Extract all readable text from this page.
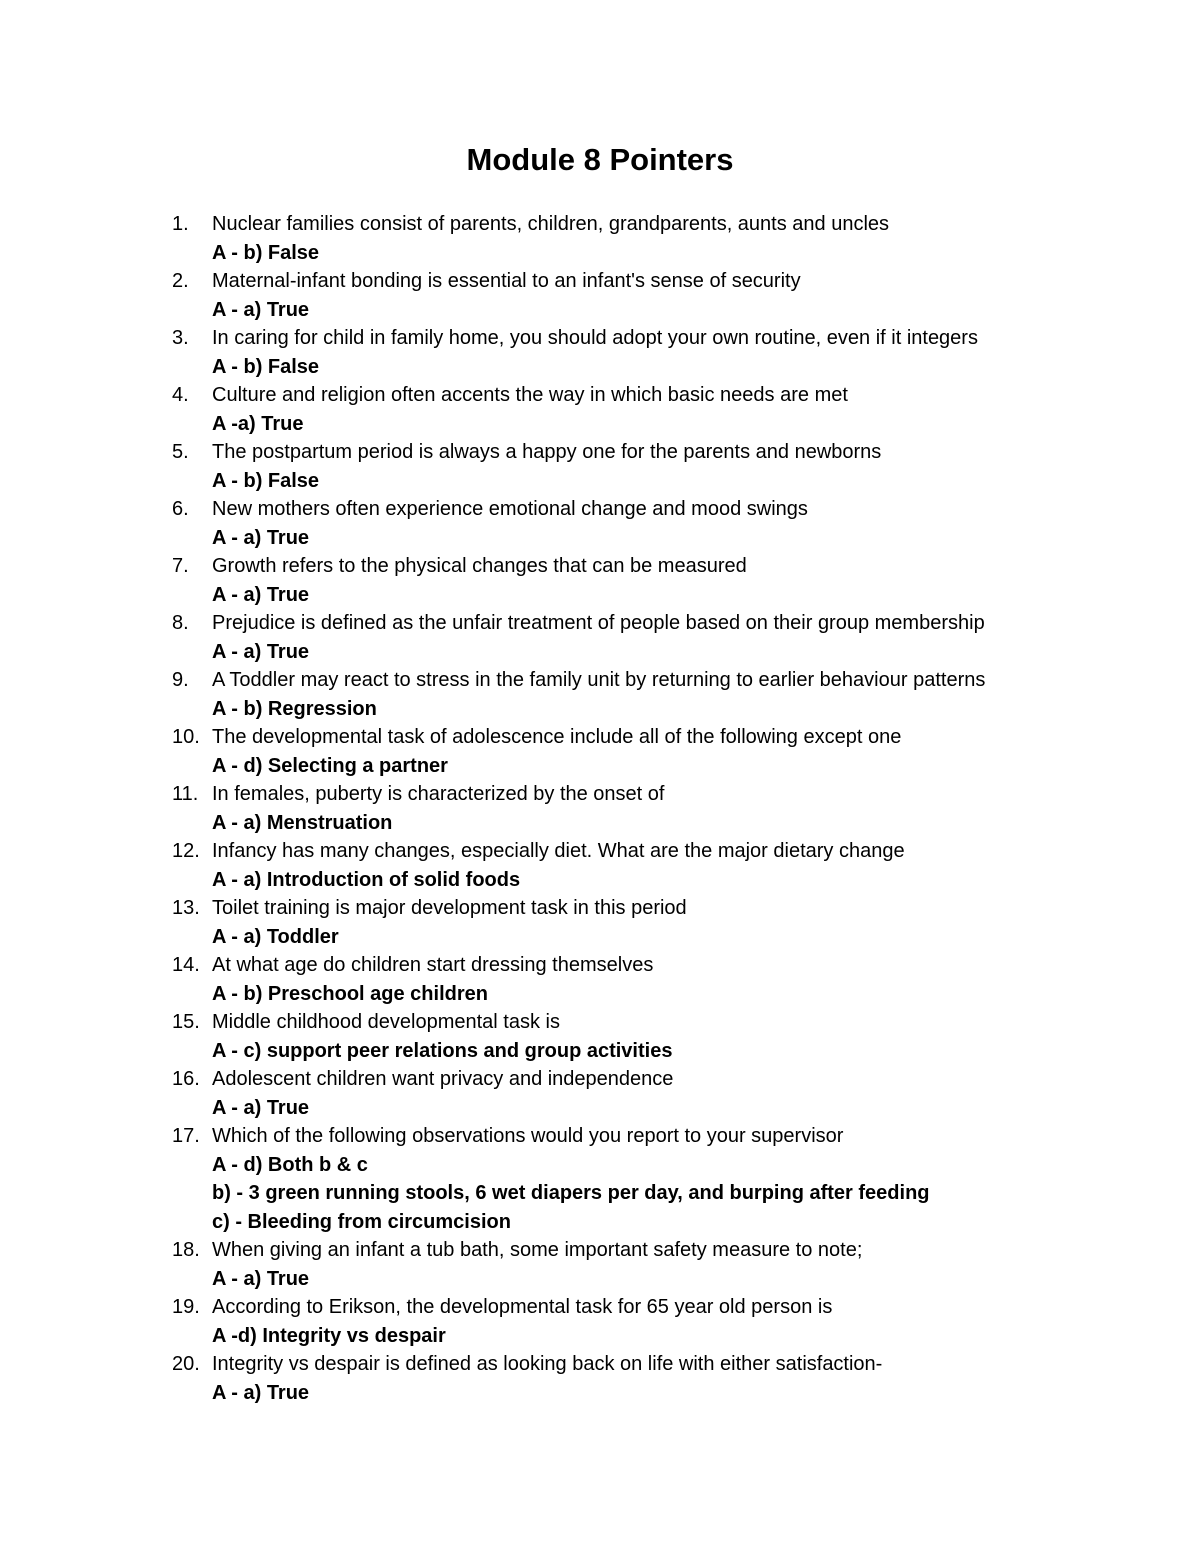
Module 8 Pointers
1.	Nuclear families consist of parents, children, grandparents, aunts and uncles
A - b) False
2.	Maternal-infant bonding is essential to an infant's sense of security
A - a) True
3.	In caring for child in family home, you should adopt your own routine, even if it integers
A - b) False
4.	Culture and religion often accents the way in which basic needs are met
A -a) True
5.	The postpartum period is always a happy one for the parents and newborns
A - b) False
6.	New mothers often experience emotional change and mood swings
A - a) True
7.	Growth refers to the physical changes that can be measured
A - a) True
8.	Prejudice is defined as the unfair treatment of people based on their group membership
A - a) True
9.	A Toddler may react to stress in the family unit by returning to earlier behaviour patterns
A - b) Regression
10. The developmental task of adolescence include all of the following except one
A - d) Selecting a partner
11. In females, puberty is characterized by the onset of
A - a) Menstruation
12. Infancy has many changes, especially diet. What are the major dietary change
A - a) Introduction of solid foods
13. Toilet training is major development task in this period
A - a) Toddler
14. At what age do children start dressing themselves
A - b) Preschool age children
15. Middle childhood developmental task is
A - c) support peer relations and group activities
16. Adolescent children want privacy and independence
A - a) True
17. Which of the following observations would you report to your supervisor
A - d) Both b & c
b) - 3 green running stools, 6 wet diapers per day, and burping after feeding
c) - Bleeding from circumcision
18. When giving an infant a tub bath, some important safety measure to note;
A - a) True
19. According to Erikson, the developmental task for 65 year old person is
A -d) Integrity vs despair
20. Integrity vs despair is defined as looking back on life with either satisfaction-
A - a) True
